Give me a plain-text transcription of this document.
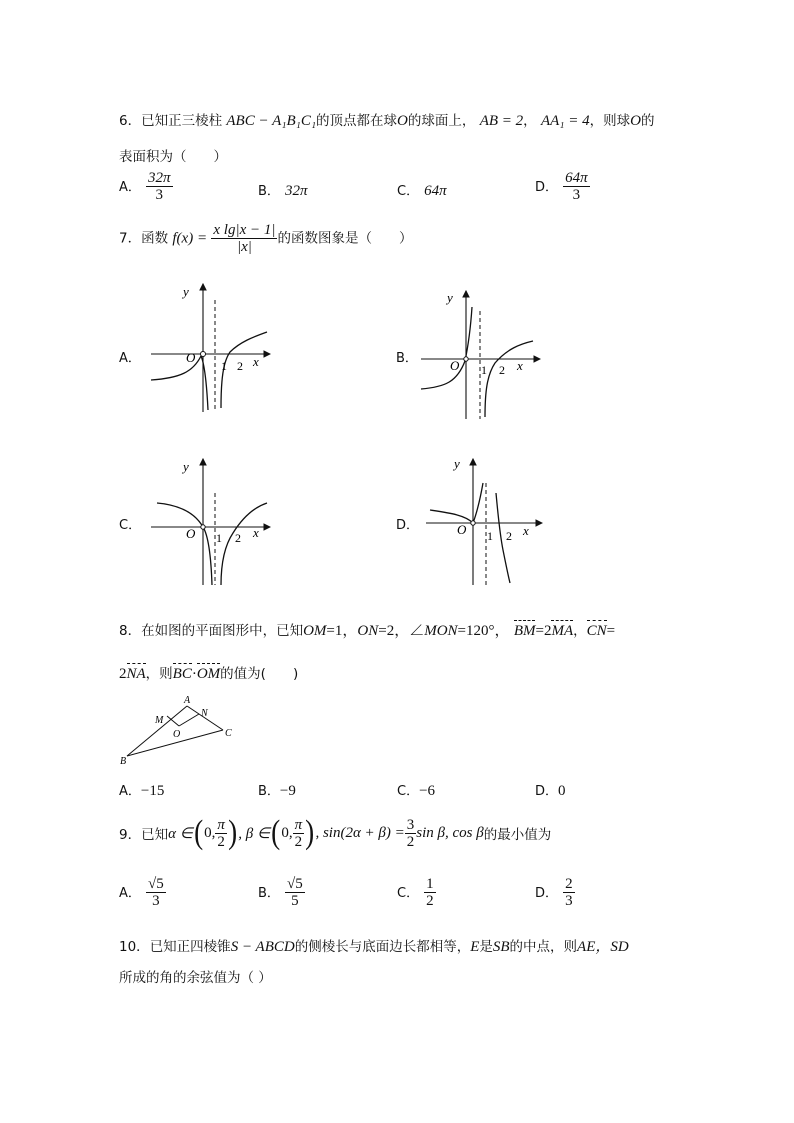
6．已知正三棱柱 ABC − A₁B₁C₁的顶点都在球O的球面上， AB = 2， AA₁ = 4，则球O的
表面积为（　　）
A． $\frac{32\pi}{3}$	B． 32π	C． 64π	D． $\frac{64\pi}{3}$
7．函数 $f(x) = \frac{\text{x lg|x − 1|}}{|x|}$ 的函数图象是（　　）
A．	B．
C．	D．
y
O
1 2 x
y
O 1 2 x
y
O 1 2 x
y
O 1 2 x
8．在如图的平面图形中，已知OM=1，ON=2，∠MON=120°， BM=2MA，CN=
2NA，则BC·OM的值为(　　)
A
B
C
M
N
O
A．−15	B．−9	C．−6	D．0
9． 已知 α ∈ ( 0, $\frac{\pi}{2}$ ) , β ∈ ( 0, $\frac{\pi}{2}$ ) , $\sin(2\alpha + \beta) = \frac{3}{2}$ sin β, cos β 的最小值为
A． $\frac{√5}{3}$	B． $\frac{√5}{5}$	C． $\frac{1}{2}$	D． $\frac{2}{3}$
10．已知正四棱锥S − ABCD的侧棱长与底面边长都相等，E是SB的中点，则AE，SD
所成的角的余弦值为（ ）
